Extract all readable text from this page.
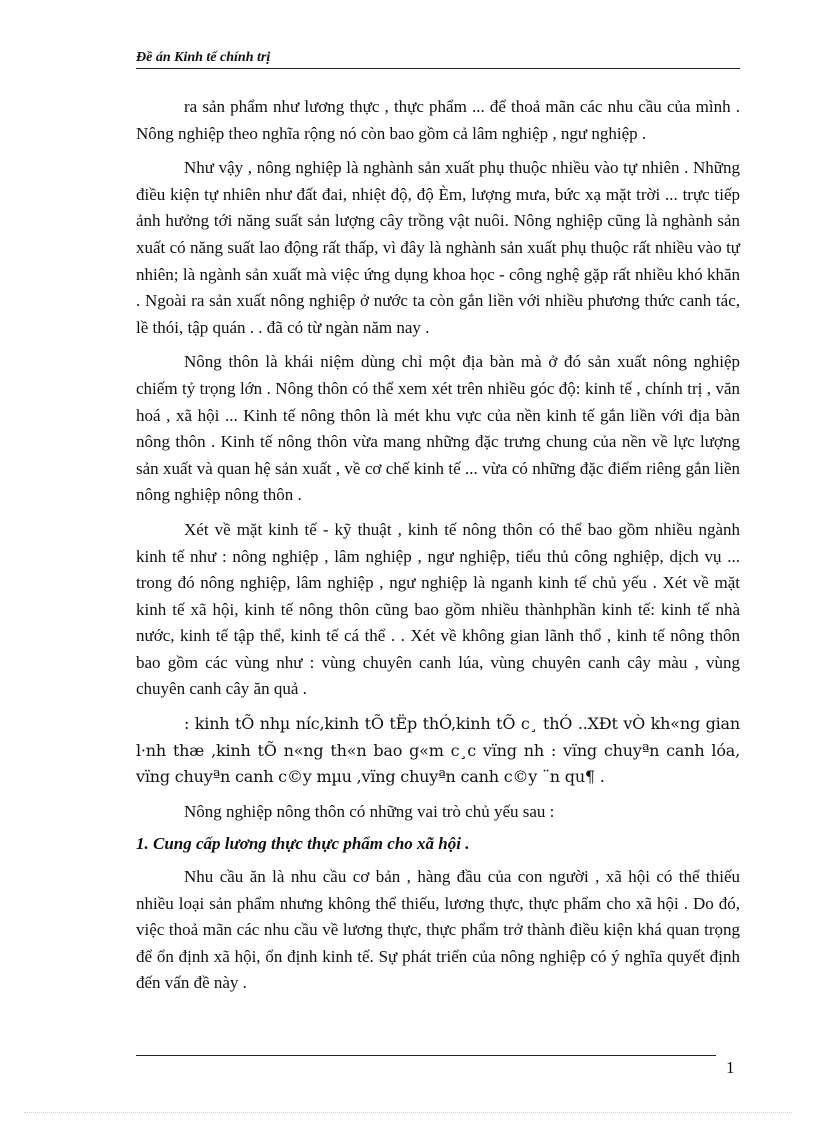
Đề án Kinh tế chính trị

ra sản phẩm như lương thực , thực phẩm ... để thoả mãn các nhu cầu của mình . Nông nghiệp theo nghĩa rộng nó còn bao gồm cả lâm nghiệp , ngư nghiệp .

Như vậy , nông nghiệp là nghành sản xuất phụ thuộc nhiều vào tự nhiên . Những điều kiện tự nhiên như đất đai, nhiệt độ, độ Èm, lượng mưa, bức xạ mặt trời ... trực tiếp ảnh hưởng tới năng suất sản lượng cây trồng vật nuôi. Nông nghiệp cũng là nghành sản xuất có năng suất lao động rất thấp, vì đây là nghành sản xuất phụ thuộc rất nhiều vào tự nhiên; là ngành sản xuất mà việc ứng dụng khoa học - công nghệ gặp rất nhiều khó khăn . Ngoài ra sản xuất nông nghiệp ở nước ta còn gắn liền với nhiều phương thức canh tác, lề thói, tập quán . . đã có từ ngàn năm nay .

Nông thôn là khái niệm dùng chỉ một địa bàn mà ở đó sản xuất nông nghiệp chiếm tỷ trọng lớn . Nông thôn có thể xem xét trên nhiều góc độ: kinh tế , chính trị , văn hoá , xã hội ... Kinh tế nông thôn là mét khu vực của nền kinh tế gắn liền với địa bàn nông thôn . Kinh tế nông thôn vừa mang những đặc trưng chung của nền về lực lượng sản xuất và quan hệ sản xuất , về cơ chế kinh tế ... vừa có những đặc điểm riêng gắn liền nông nghiệp nông thôn .

Xét về mặt kinh tế - kỹ thuật , kinh tế nông thôn có thể bao gồm nhiều ngành kinh tế như : nông nghiệp , lâm nghiệp , ngư nghiệp, tiểu thủ công nghiệp, dịch vụ ... trong đó nông nghiệp, lâm nghiệp , ngư nghiệp là nganh kinh tế chủ yếu . Xét về mặt kinh tế xã hội, kinh tế nông thôn cũng bao gồm nhiều thànhphần kinh tế: kinh tế nhà nước, kinh tế tập thể, kinh tế cá thể . . Xét về không gian lãnh thổ , kinh tế nông thôn bao gồm các vùng như : vùng chuyên canh lúa, vùng chuyên canh cây màu , vùng chuyên canh cây ăn quả .

: kinh tÕ nhµ níc,kinh tÕ tËp thÓ,kinh tÕ c¸ thÓ ..XÐt vÒ kh«ng gian l·nh thæ ,kinh tÕ n«ng th«n bao g«m c¸c vïng nh : vïng chuyªn canh lóa, vïng chuyªn canh c©y mµu ,vïng chuyªn canh c©y ¨n qu¶ .

Nông nghiệp nông thôn có những vai trò chủ yếu sau :

1. Cung cấp lương thực thực phẩm cho xã hội .

Nhu cầu ăn là nhu cầu cơ bản , hàng đầu của con người , xã hội có thể thiếu nhiều loại sản phẩm nhưng không thể thiếu, lương thực, thực phẩm cho xã hội . Do đó, việc thoả mãn các nhu cầu về lương thực, thực phẩm trở thành điều kiện khá quan trọng để ổn định xã hội, ổn định kinh tế. Sự phát triển của nông nghiệp có ý nghĩa quyết định đến vấn đề này .

1
